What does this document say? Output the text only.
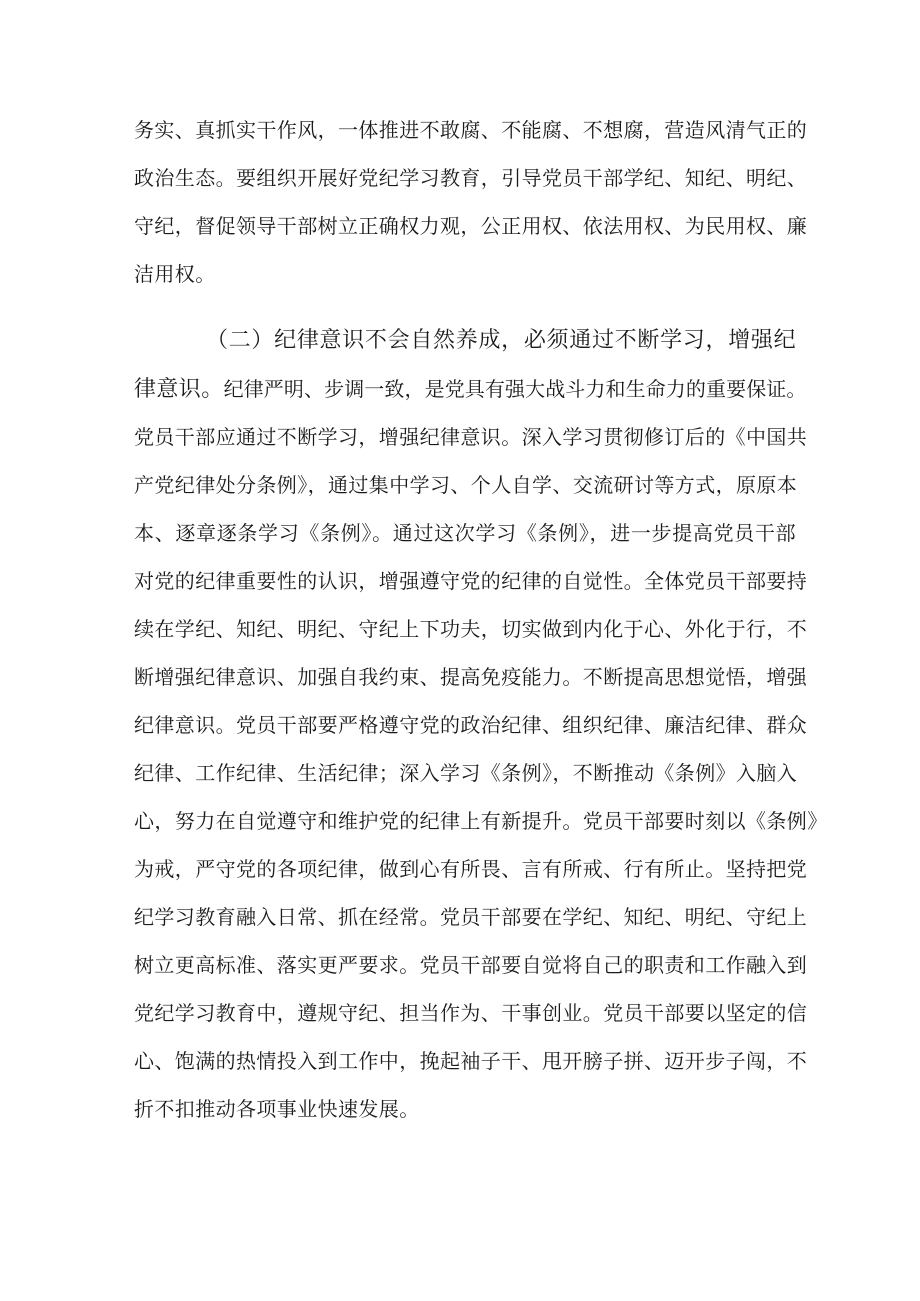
务实、真抓实干作风，一体推进不敢腐、不能腐、不想腐，营造风清气正的
政治生态。要组织开展好党纪学习教育，引导党员干部学纪、知纪、明纪、
守纪，督促领导干部树立正确权力观，公正用权、依法用权、为民用权、廉
洁用权。
（二）纪律意识不会自然养成，必须通过不断学习，增强纪
律意识。纪律严明、步调一致，是党具有强大战斗力和生命力的重要保证。
党员干部应通过不断学习，增强纪律意识。深入学习贯彻修订后的《中国共
产党纪律处分条例》，通过集中学习、个人自学、交流研讨等方式，原原本
本、逐章逐条学习《条例》。通过这次学习《条例》，进一步提高党员干部
对党的纪律重要性的认识，增强遵守党的纪律的自觉性。全体党员干部要持
续在学纪、知纪、明纪、守纪上下功夫，切实做到内化于心、外化于行，不
断增强纪律意识、加强自我约束、提高免疫能力。不断提高思想觉悟，增强
纪律意识。党员干部要严格遵守党的政治纪律、组织纪律、廉洁纪律、群众
纪律、工作纪律、生活纪律；深入学习《条例》，不断推动《条例》入脑入
心，努力在自觉遵守和维护党的纪律上有新提升。党员干部要时刻以《条例》
为戒，严守党的各项纪律，做到心有所畏、言有所戒、行有所止。坚持把党
纪学习教育融入日常、抓在经常。党员干部要在学纪、知纪、明纪、守纪上
树立更高标准、落实更严要求。党员干部要自觉将自己的职责和工作融入到
党纪学习教育中，遵规守纪、担当作为、干事创业。党员干部要以坚定的信
心、饱满的热情投入到工作中，挽起袖子干、甩开膀子拼、迈开步子闯，不
折不扣推动各项事业快速发展。
